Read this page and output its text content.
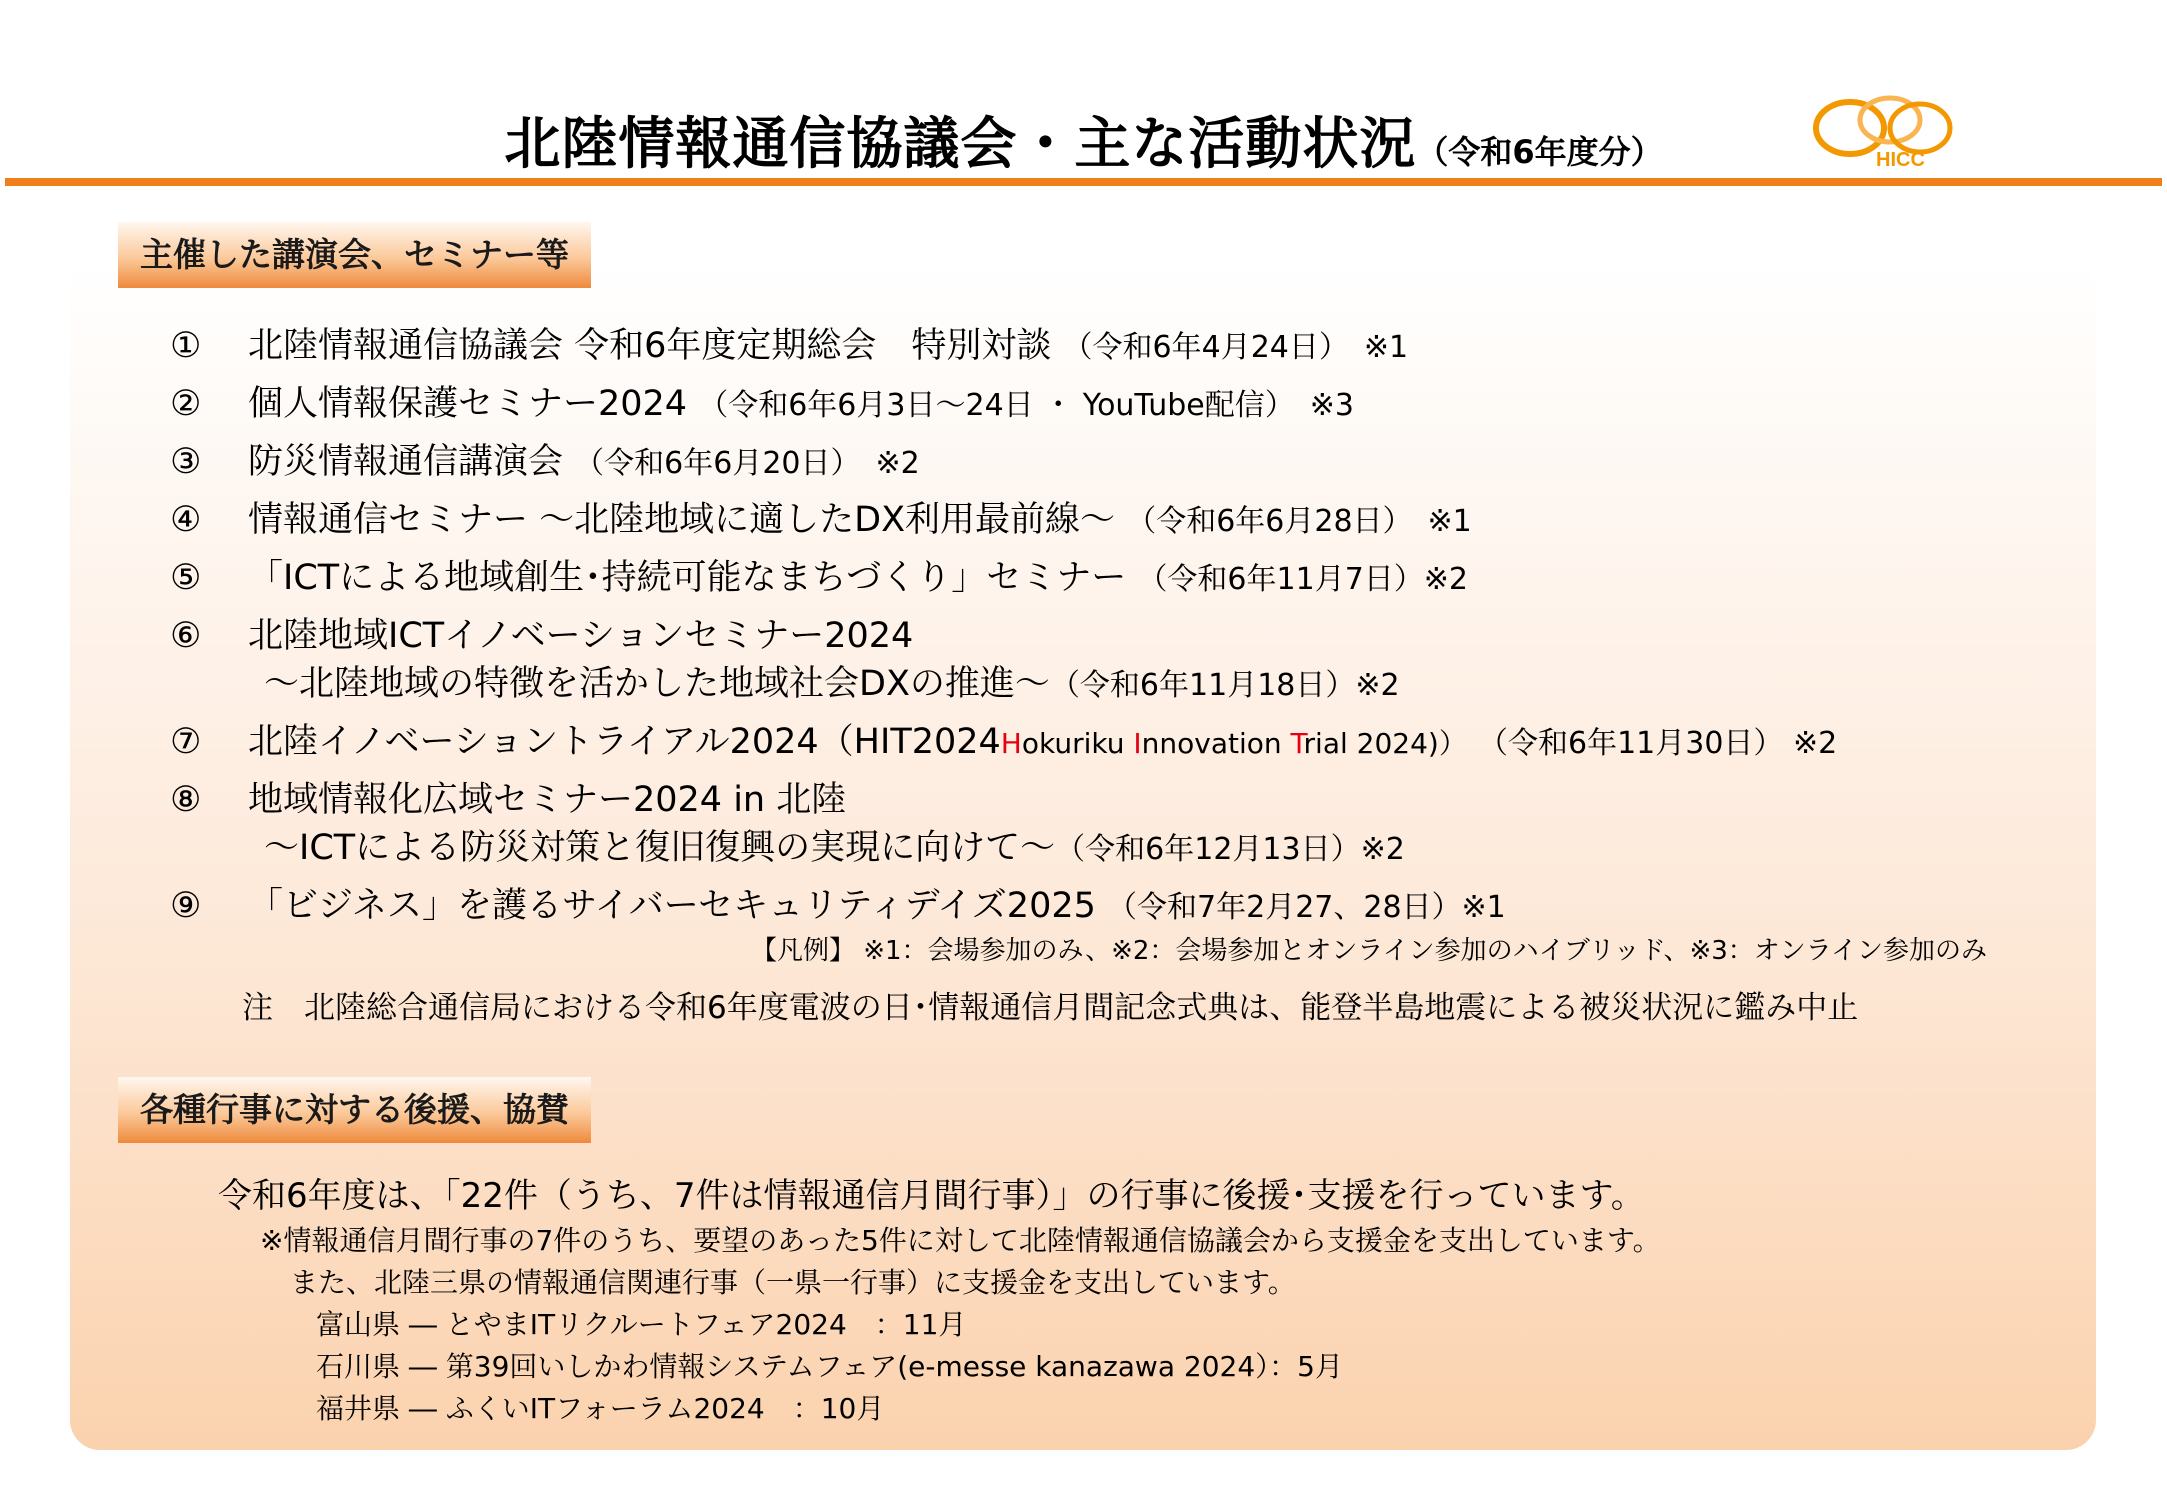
北陸情報通信協議会・主な活動状況（令和6年度分）	HICC
主催した講演会、セミナー等
① 北陸情報通信協議会 令和6年度定期総会　特別対談 （令和6年4月24日）　※1
② 個人情報保護セミナー2024 （令和6年6月3日～24日 ・ YouTube配信）　※3
③ 防災情報通信講演会 （令和6年6月20日）　※2
④ 情報通信セミナー ～北陸地域に適したDX利用最前線～ （令和6年6月28日）　※1
⑤ 「ICTによる地域創生･持続可能なまちづくり」セミナー （令和6年11月7日）※2
⑥ 北陸地域ICTイノベーションセミナー2024
～北陸地域の特徴を活かした地域社会DXの推進～（令和6年11月18日）※2
⑦ 北陸イノベーショントライアル2024（HIT2024Hokuriku Innovation Trial 2024)） （令和6年11月30日） ※2
⑧ 地域情報化広域セミナー2024 in 北陸
～ICTによる防災対策と復旧復興の実現に向けて～（令和6年12月13日）※2
⑨ 「ビジネス」を護るサイバーセキュリティデイズ2025 （令和7年2月27、28日）※1
【凡例】 ※1：会場参加のみ、※2：会場参加とオンライン参加のハイブリッド、※3：オンライン参加のみ
注　北陸総合通信局における令和6年度電波の日･情報通信月間記念式典は、能登半島地震による被災状況に鑑み中止
各種行事に対する後援、協賛
令和6年度は、「22件（うち、7件は情報通信月間行事）」の行事に後援･支援を行っています。
※情報通信月間行事の7件のうち、要望のあった5件に対して北陸情報通信協議会から支援金を支出しています。
また、北陸三県の情報通信関連行事（一県一行事）に支援金を支出しています。
富山県 ― とやまITリクルートフェア2024　：11月
石川県 ― 第39回いしかわ情報システムフェア(e-messe kanazawa 2024）：5月
福井県 ― ふくいITフォーラム2024　：10月
